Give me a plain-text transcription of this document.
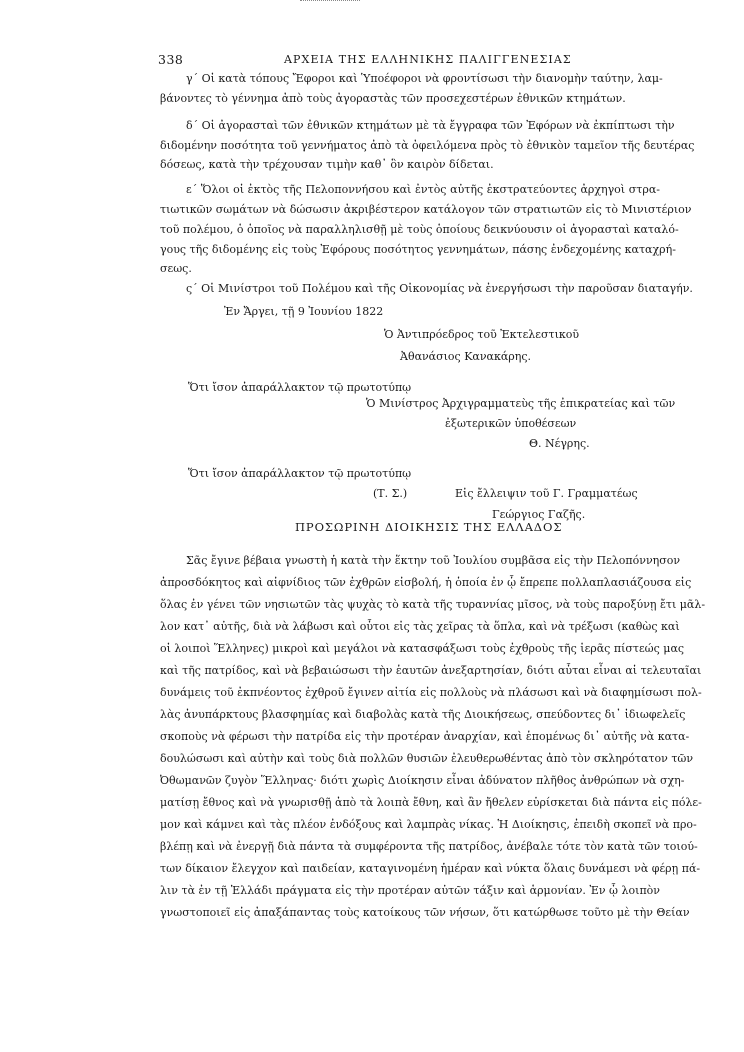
338	ΑΡΧΕΙΑ ΤΗΣ ΕΛΛΗΝΙΚΗΣ ΠΑΛΙΓΓΕΝΕΣΙΑΣ
γ΄ Οἱ κατὰ τόπους Ἔφοροι καὶ Ὑποέφοροι νὰ φροντίσωσι τὴν διανομὴν ταύτην, λαμ-
βάνοντες τὸ γέννημα ἀπὸ τοὺς ἀγοραστὰς τῶν προσεχεστέρων ἐθνικῶν κτημάτων.
δ΄ Οἱ ἀγορασταὶ τῶν ἐθνικῶν κτημάτων μὲ τὰ ἔγγραφα τῶν Ἐφόρων νὰ ἐκπίπτωσι τὴν
διδομένην ποσότητα τοῦ γεννήματος ἀπὸ τὰ ὀφειλόμενα πρὸς τὸ ἐθνικὸν ταμεῖον τῆς δευτέρας
δόσεως, κατὰ τὴν τρέχουσαν τιμὴν καθ᾽ ὃν καιρὸν δίδεται.
ε΄ Ὅλοι οἱ ἐκτὸς τῆς Πελοποννήσου καὶ ἐντὸς αὐτῆς ἐκστρατεύοντες ἀρχηγοὶ στρα-
τιωτικῶν σωμάτων νὰ δώσωσιν ἀκριβέστερον κατάλογον τῶν στρατιωτῶν εἰς τὸ Μινιστέριον
τοῦ πολέμου, ὁ ὁποῖος νὰ παραλληλισθῇ μὲ τοὺς ὁποίους δεικνύουσιν οἱ ἀγορασταὶ καταλό-
γους τῆς διδομένης εἰς τοὺς Ἐφόρους ποσότητος γεννημάτων, πάσης ἐνδεχομένης καταχρή-
σεως.
ς΄ Οἱ Μινίστροι τοῦ Πολέμου καὶ τῆς Οἰκονομίας νὰ ἐνεργήσωσι τὴν παροῦσαν διαταγήν.
Ἐν Ἄργει, τῇ 9 Ἰουνίου 1822
Ὁ Ἀντιπρόεδρος τοῦ Ἐκτελεστικοῦ
Ἀθανάσιος Κανακάρης.
Ὅτι ἴσον ἀπαράλλακτον τῷ πρωτοτύπῳ
Ὁ Μινίστρος Ἀρχιγραμματεὺς τῆς ἐπικρατείας καὶ τῶν
ἐξωτερικῶν ὑποθέσεων
Θ. Νέγρης.
Ὅτι ἴσον ἀπαράλλακτον τῷ πρωτοτύπῳ
(Τ. Σ.)	Εἰς ἔλλειψιν τοῦ Γ. Γραμματέως
Γεώργιος Γαζῆς.
ΠΡΟΣΩΡΙΝΗ ΔΙΟΙΚΗΣΙΣ ΤΗΣ ΕΛΛΑΔΟΣ
Σᾶς ἔγινε βέβαια γνωστὴ ἡ κατὰ τὴν ἕκτην τοῦ Ἰουλίου συμβᾶσα εἰς τὴν Πελοπόννησον
ἀπροσδόκητος καὶ αἰφνίδιος τῶν ἐχθρῶν εἰσβολή, ἡ ὁποία ἐν ᾧ ἔπρεπε πολλαπλασιάζουσα εἰς
ὅλας ἐν γένει τῶν νησιωτῶν τὰς ψυχὰς τὸ κατὰ τῆς τυραννίας μῖσος, νὰ τοὺς παροξύνῃ ἔτι μᾶλ-
λον κατ᾽ αὐτῆς, διὰ νὰ λάβωσι καὶ οὗτοι εἰς τὰς χεῖρας τὰ ὅπλα, καὶ νὰ τρέξωσι (καθὼς καὶ
οἱ λοιποὶ Ἕλληνες) μικροὶ καὶ μεγάλοι νὰ κατασφάξωσι τοὺς ἐχθροὺς τῆς ἱερᾶς πίστεώς μας
καὶ τῆς πατρίδος, καὶ νὰ βεβαιώσωσι τὴν ἑαυτῶν ἀνεξαρτησίαν, διότι αὗται εἶναι αἱ τελευταῖαι
δυνάμεις τοῦ ἐκπνέοντος ἐχθροῦ ἔγινεν αἰτία εἰς πολλοὺς νὰ πλάσωσι καὶ νὰ διαφημίσωσι πολ-
λὰς ἀνυπάρκτους βλασφημίας καὶ διαβολὰς κατὰ τῆς Διοικήσεως, σπεύδοντες δι᾽ ἰδιωφελεῖς
σκοποὺς νὰ φέρωσι τὴν πατρίδα εἰς τὴν προτέραν ἀναρχίαν, καὶ ἑπομένως δι᾽ αὐτῆς νὰ κατα-
δουλώσωσι καὶ αὐτὴν καὶ τοὺς διὰ πολλῶν θυσιῶν ἐλευθερωθέντας ἀπὸ τὸν σκληρότατον τῶν
Ὀθωμανῶν ζυγὸν Ἕλληνας· διότι χωρὶς Διοίκησιν εἶναι ἀδύνατον πλῆθος ἀνθρώπων νὰ σχη-
ματίσῃ ἔθνος καὶ νὰ γνωρισθῇ ἀπὸ τὰ λοιπὰ ἔθνη, καὶ ἂν ἤθελεν εὑρίσκεται διὰ πάντα εἰς πόλε-
μον καὶ κάμνει καὶ τὰς πλέον ἐνδόξους καὶ λαμπρὰς νίκας. Ἡ Διοίκησις, ἐπειδὴ σκοπεῖ νὰ προ-
βλέπῃ καὶ νὰ ἐνεργῇ διὰ πάντα τὰ συμφέροντα τῆς πατρίδος, ἀνέβαλε τότε τὸν κατὰ τῶν τοιού-
των δίκαιον ἔλεγχον καὶ παιδείαν, καταγινομένη ἡμέραν καὶ νύκτα ὅλαις δυνάμεσι νὰ φέρῃ πά-
λιν τὰ ἐν τῇ Ἑλλάδι πράγματα εἰς τὴν προτέραν αὐτῶν τάξιν καὶ ἁρμονίαν. Ἐν ᾧ λοιπὸν
γνωστοποιεῖ εἰς ἀπαξάπαντας τοὺς κατοίκους τῶν νήσων, ὅτι κατώρθωσε τοῦτο μὲ τὴν Θείαν
